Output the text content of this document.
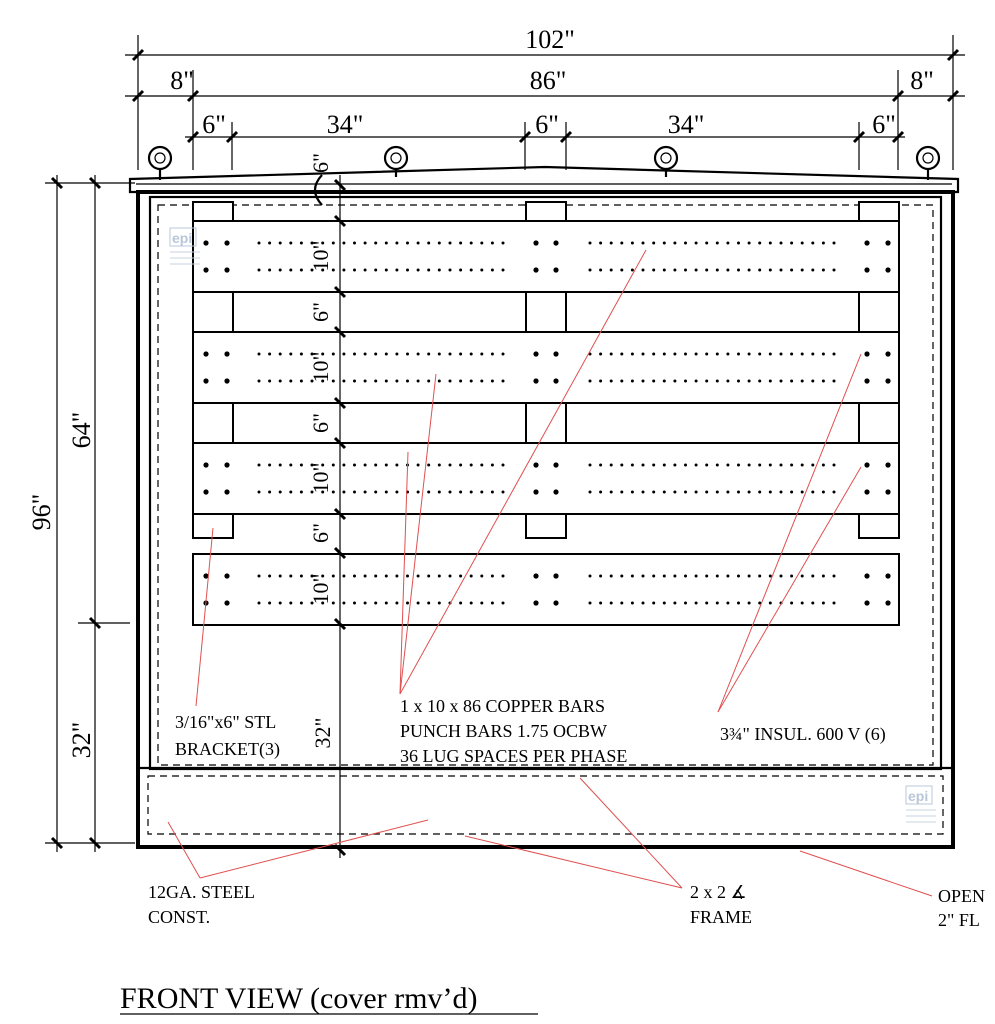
102"
8"	86"	8"
6"	34"	6"	34"	6"
epi
epi
96"
64"
32"
6"
10"
6"
10"
6"
10"
6"
10"
32"
3/16"x6" STL
BRACKET(3)
1 x 10 x 86 COPPER BARS
PUNCH BARS 1.75 OCBW
36 LUG SPACES PER PHASE
3¾" INSUL. 600 V (6)
12GA. STEEL
CONST.
2 x 2 ∡
FRAME
OPEN
2" FL
FRONT VIEW (cover rmv’d)
